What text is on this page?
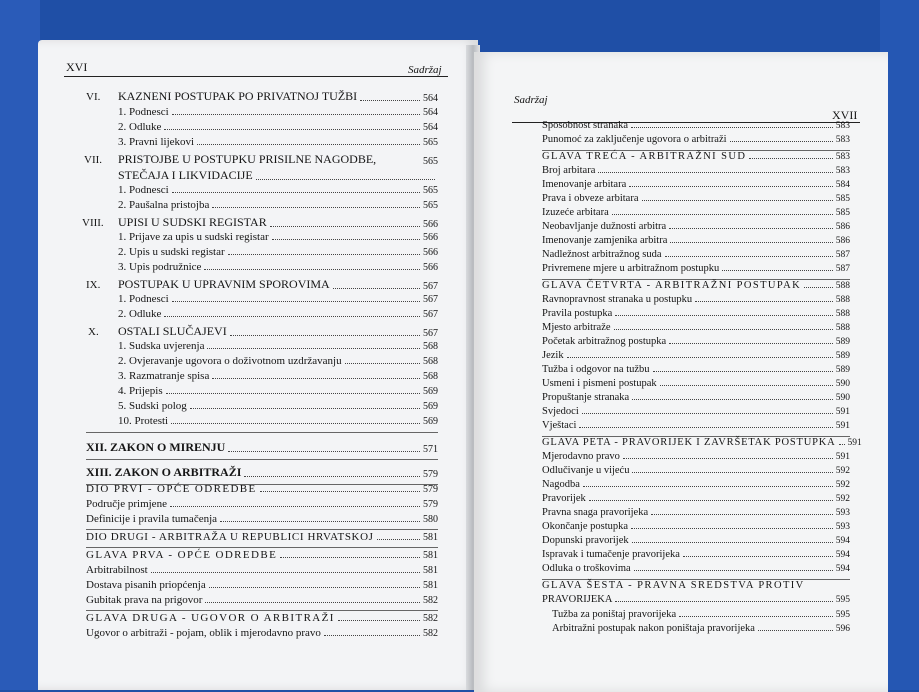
XVI	Sadržaj
VI. KAZNENI POSTUPAK PO PRIVATNOJ TUŽBI	564
1. Podnesci	564
2. Odluke	564
3. Pravni lijekovi	565
VII. PRISTOJBE U POSTUPKU PRISILNE NAGODBE,	565
STEČAJA I LIKVIDACIJE
1. Podnesci	565
2. Paušalna pristojba	565
VIII. UPISI U SUDSKI REGISTAR	566
1. Prijave za upis u sudski registar	566
2. Upis u sudski registar	566
3. Upis podružnice	566
IX. POSTUPAK U UPRAVNIM SPOROVIMA	567
1. Podnesci	567
2. Odluke	567
X. OSTALI SLUČAJEVI	567
1. Sudska uvjerenja	568
2. Ovjeravanje ugovora o doživotnom uzdržavanju	568
3. Razmatranje spisa	568
4. Prijepis	569
5. Sudski polog	569
10. Protesti	569
XII. ZAKON O MIRENJU	571
XIII. ZAKON O ARBITRAŽI	579
DIO PRVI - OPĆE ODREDBE	579
Područje primjene	579
Definicije i pravila tumačenja	580
DIO DRUGI - ARBITRAŽA U REPUBLICI HRVATSKOJ	581
GLAVA PRVA - OPĆE ODREDBE	581
Arbitrabilnost	581
Dostava pisanih priopćenja	581
Gubitak prava na prigovor	582
GLAVA DRUGA - UGOVOR O ARBITRAŽI	582
Ugovor o arbitraži - pojam, oblik i mjerodavno pravo	582
Sadržaj
XVII
Sposobnost stranaka	583
Punomoć za zaključenje ugovora o arbitraži	583
GLAVA TREĆA - ARBITRAŽNI SUD	583
Broj arbitara	583
Imenovanje arbitara	584
Prava i obveze arbitara	585
Izuzeće arbitara	585
Neobavljanje dužnosti arbitra	586
Imenovanje zamjenika arbitra	586
Nadležnost arbitražnog suda	587
Privremene mjere u arbitražnom postupku	587
GLAVA ČETVRTA - ARBITRAŽNI POSTUPAK	588
Ravnopravnost stranaka u postupku	588
Pravila postupka	588
Mjesto arbitraže	588
Početak arbitražnog postupka	589
Jezik	589
Tužba i odgovor na tužbu	589
Usmeni i pismeni postupak	590
Propuštanje stranaka	590
Svjedoci	591
Vještaci	591
GLAVA PETA - PRAVORIJEK I ZAVRŠETAK POSTUPKA 591
Mjerodavno pravo	591
Odlučivanje u vijeću	592
Nagodba	592
Pravorijek	592
Pravna snaga pravorijeka	593
Okončanje postupka	593
Dopunski pravorijek	594
Ispravak i tumačenje pravorijeka	594
Odluka o troškovima	594
GLAVA ŠESTA - PRAVNA SREDSTVA PROTIV
PRAVORIJEKA	595
Tužba za poništaj pravorijeka	595
Arbitražni postupak nakon poništaja pravorijeka	596
